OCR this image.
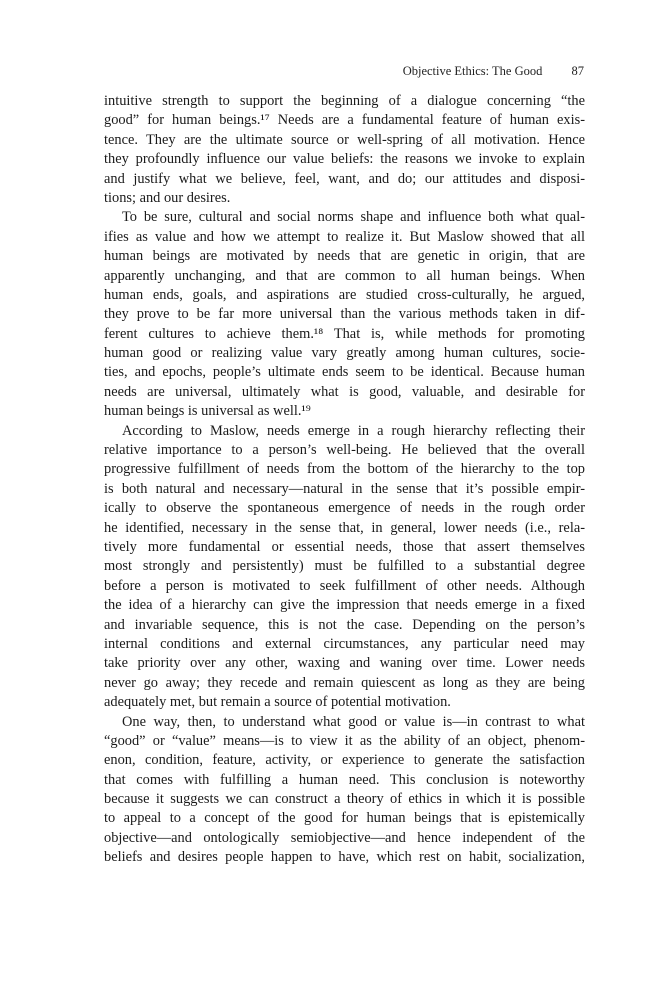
Objective Ethics: The Good 87
intuitive strength to support the beginning of a dialogue concerning “the
good” for human beings.¹⁷ Needs are a fundamental feature of human exis-
tence. They are the ultimate source or well-spring of all motivation. Hence
they profoundly influence our value beliefs: the reasons we invoke to explain
and justify what we believe, feel, want, and do; our attitudes and disposi-
tions; and our desires.
To be sure, cultural and social norms shape and influence both what qual-
ifies as value and how we attempt to realize it. But Maslow showed that all
human beings are motivated by needs that are genetic in origin, that are
apparently unchanging, and that are common to all human beings. When
human ends, goals, and aspirations are studied cross-culturally, he argued,
they prove to be far more universal than the various methods taken in dif-
ferent cultures to achieve them.¹⁸ That is, while methods for promoting
human good or realizing value vary greatly among human cultures, socie-
ties, and epochs, people’s ultimate ends seem to be identical. Because human
needs are universal, ultimately what is good, valuable, and desirable for
human beings is universal as well.¹⁹
According to Maslow, needs emerge in a rough hierarchy reflecting their
relative importance to a person’s well-being. He believed that the overall
progressive fulfillment of needs from the bottom of the hierarchy to the top
is both natural and necessary—natural in the sense that it’s possible empir-
ically to observe the spontaneous emergence of needs in the rough order
he identified, necessary in the sense that, in general, lower needs (i.e., rela-
tively more fundamental or essential needs, those that assert themselves
most strongly and persistently) must be fulfilled to a substantial degree
before a person is motivated to seek fulfillment of other needs. Although
the idea of a hierarchy can give the impression that needs emerge in a fixed
and invariable sequence, this is not the case. Depending on the person’s
internal conditions and external circumstances, any particular need may
take priority over any other, waxing and waning over time. Lower needs
never go away; they recede and remain quiescent as long as they are being
adequately met, but remain a source of potential motivation.
One way, then, to understand what good or value is—in contrast to what
“good” or “value” means—is to view it as the ability of an object, phenom-
enon, condition, feature, activity, or experience to generate the satisfaction
that comes with fulfilling a human need. This conclusion is noteworthy
because it suggests we can construct a theory of ethics in which it is possible
to appeal to a concept of the good for human beings that is epistemically
objective—and ontologically semiobjective—and hence independent of the
beliefs and desires people happen to have, which rest on habit, socialization,
